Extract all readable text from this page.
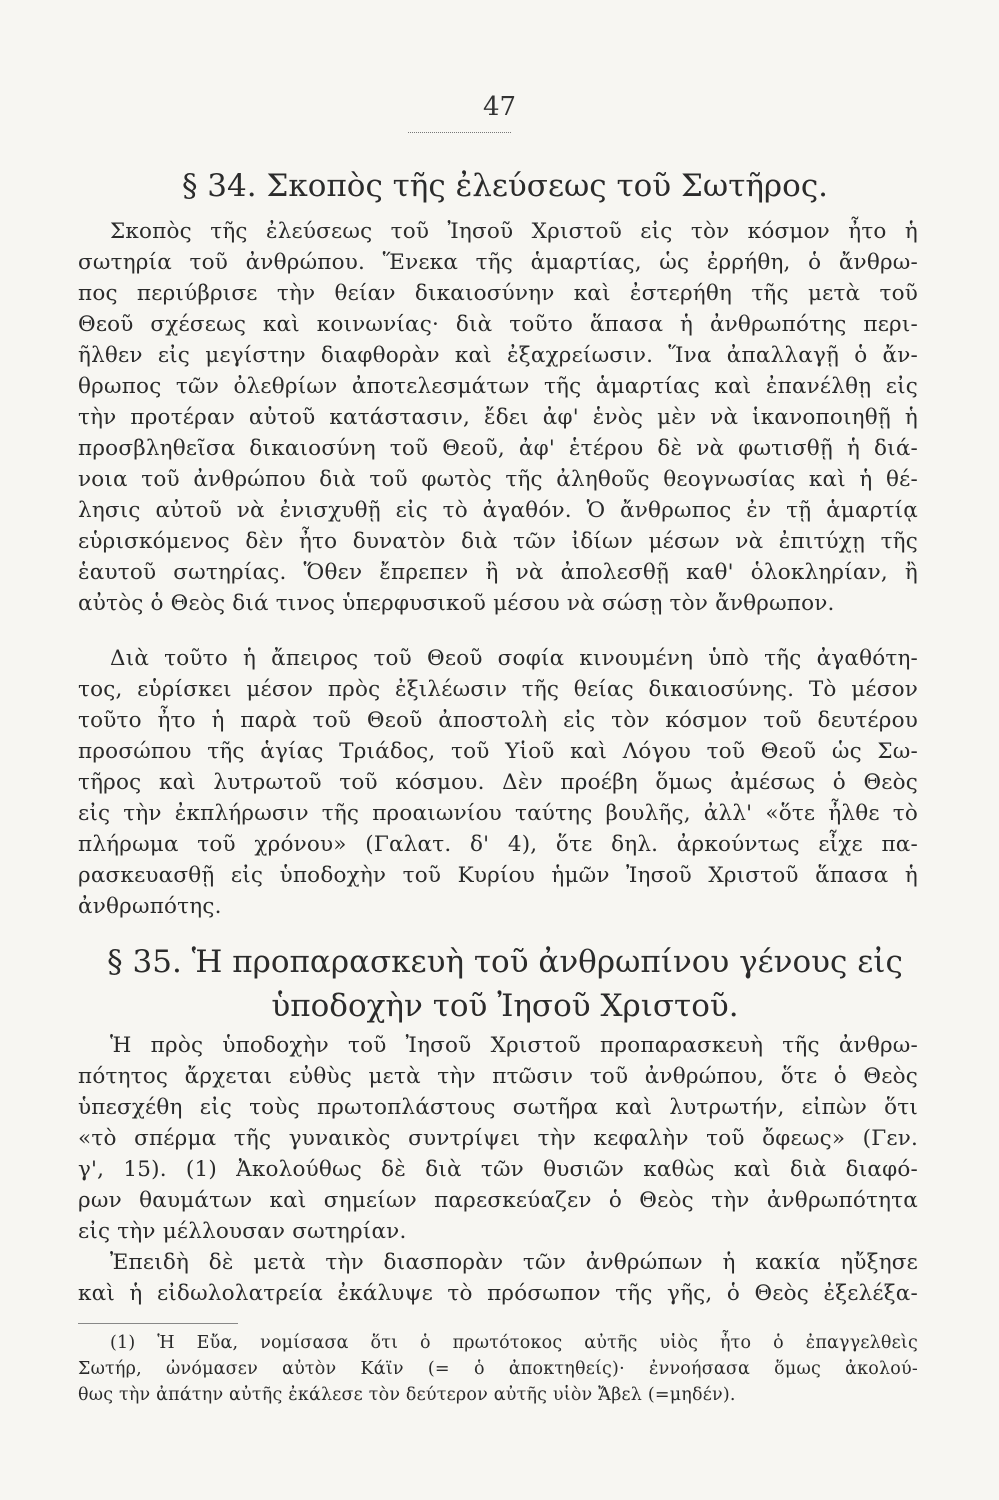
47
§ 34. Σκοπὸς τῆς ἐλεύσεως τοῦ Σωτῆρος.
Σκοπὸς τῆς ἐλεύσεως τοῦ Ἰησοῦ Χριστοῦ εἰς τὸν κόσμον ἦτο ἡ
σωτηρία τοῦ ἀνθρώπου. Ἕνεκα τῆς ἁμαρτίας, ὡς ἐρρήθη, ὁ ἄνθρω-
πος περιύβρισε τὴν θείαν δικαιοσύνην καὶ ἐστερήθη τῆς μετὰ τοῦ
Θεοῦ σχέσεως καὶ κοινωνίας· διὰ τοῦτο ἅπασα ἡ ἀνθρωπότης περι-
ῆλθεν εἰς μεγίστην διαφθορὰν καὶ ἐξαχρείωσιν. Ἵνα ἀπαλλαγῇ ὁ ἄν-
θρωπος τῶν ὀλεθρίων ἀποτελεσμάτων τῆς ἁμαρτίας καὶ ἐπανέλθῃ εἰς
τὴν προτέραν αὐτοῦ κατάστασιν, ἔδει ἀφ' ἑνὸς μὲν νὰ ἱκανοποιηθῇ ἡ
προσβληθεῖσα δικαιοσύνη τοῦ Θεοῦ, ἀφ' ἑτέρου δὲ νὰ φωτισθῇ ἡ διά-
νοια τοῦ ἀνθρώπου διὰ τοῦ φωτὸς τῆς ἀληθοῦς θεογνωσίας καὶ ἡ θέ-
λησις αὐτοῦ νὰ ἐνισχυθῇ εἰς τὸ ἀγαθόν. Ὁ ἄνθρωπος ἐν τῇ ἁμαρτίᾳ
εὑρισκόμενος δὲν ἦτο δυνατὸν διὰ τῶν ἰδίων μέσων νὰ ἐπιτύχῃ τῆς
ἑαυτοῦ σωτηρίας. Ὅθεν ἔπρεπεν ἢ νὰ ἀπολεσθῇ καθ' ὁλοκληρίαν, ἢ
αὐτὸς ὁ Θεὸς διά τινος ὑπερφυσικοῦ μέσου νὰ σώσῃ τὸν ἄνθρωπον.
Διὰ τοῦτο ἡ ἄπειρος τοῦ Θεοῦ σοφία κινουμένη ὑπὸ τῆς ἀγαθότη-
τος, εὑρίσκει μέσον πρὸς ἐξιλέωσιν τῆς θείας δικαιοσύνης. Τὸ μέσον
τοῦτο ἦτο ἡ παρὰ τοῦ Θεοῦ ἀποστολὴ εἰς τὸν κόσμον τοῦ δευτέρου
προσώπου τῆς ἁγίας Τριάδος, τοῦ Υἱοῦ καὶ Λόγου τοῦ Θεοῦ ὡς Σω-
τῆρος καὶ λυτρωτοῦ τοῦ κόσμου. Δὲν προέβη ὅμως ἀμέσως ὁ Θεὸς
εἰς τὴν ἐκπλήρωσιν τῆς προαιωνίου ταύτης βουλῆς, ἀλλ' «ὅτε ἦλθε τὸ
πλήρωμα τοῦ χρόνου» (Γαλατ. δ' 4), ὅτε δηλ. ἀρκούντως εἶχε πα-
ρασκευασθῇ εἰς ὑποδοχὴν τοῦ Κυρίου ἡμῶν Ἰησοῦ Χριστοῦ ἅπασα ἡ
ἀνθρωπότης.
§ 35. Ἡ προπαρασκευὴ τοῦ ἀνθρωπίνου γένους εἰς
ὑποδοχὴν τοῦ Ἰησοῦ Χριστοῦ.
Ἡ πρὸς ὑποδοχὴν τοῦ Ἰησοῦ Χριστοῦ προπαρασκευὴ τῆς ἀνθρω-
πότητος ἄρχεται εὐθὺς μετὰ τὴν πτῶσιν τοῦ ἀνθρώπου, ὅτε ὁ Θεὸς
ὑπεσχέθη εἰς τοὺς πρωτοπλάστους σωτῆρα καὶ λυτρωτήν, εἰπὼν ὅτι
«τὸ σπέρμα τῆς γυναικὸς συντρίψει τὴν κεφαλὴν τοῦ ὄφεως» (Γεν.
γ', 15). (1) Ἀκολούθως δὲ διὰ τῶν θυσιῶν καθὼς καὶ διὰ διαφό-
ρων θαυμάτων καὶ σημείων παρεσκεύαζεν ὁ Θεὸς τὴν ἀνθρωπότητα
εἰς τὴν μέλλουσαν σωτηρίαν.
Ἐπειδὴ δὲ μετὰ τὴν διασπορὰν τῶν ἀνθρώπων ἡ κακία ηὔξησε
καὶ ἡ εἰδωλολατρεία ἐκάλυψε τὸ πρόσωπον τῆς γῆς, ὁ Θεὸς ἐξελέξα-
(1) Ἡ Εὔα, νομίσασα ὅτι ὁ πρωτότοκος αὐτῆς υἱὸς ἦτο ὁ ἐπαγγελθεὶς
Σωτήρ, ὠνόμασεν αὐτὸν Κάϊν (= ὁ ἀποκτηθείς)· ἐννοήσασα ὅμως ἀκολού-
θως τὴν ἀπάτην αὐτῆς ἐκάλεσε τὸν δεύτερον αὐτῆς υἱὸν Ἄβελ (=μηδέν).
